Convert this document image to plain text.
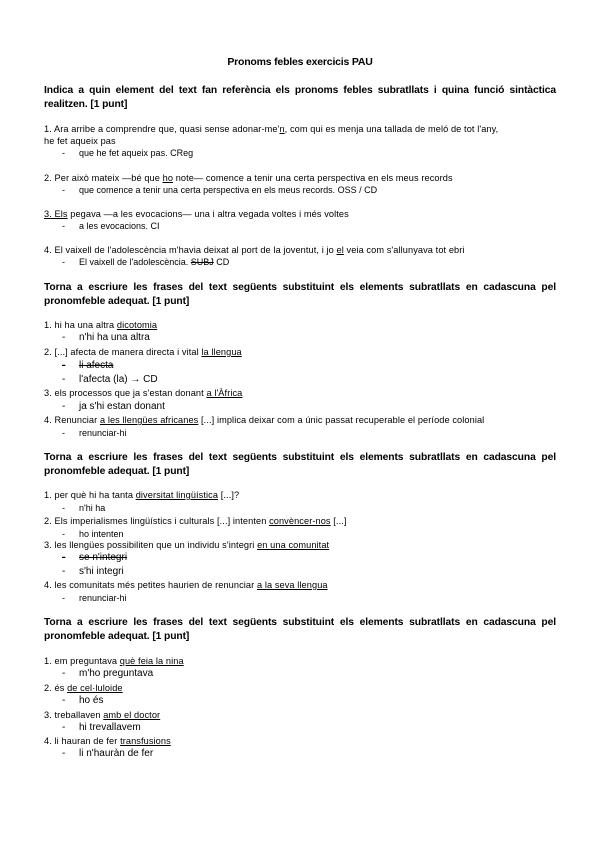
Pronoms febles exercicis PAU
Indica a quin element del text fan referència els pronoms febles subratllats i quina funció sintàctica realitzen. [1 punt]
1. Ara arribe a comprendre que, quasi sense adonar-me'n, com qui es menja una tallada de meló de tot l'any,
he fet aqueix pas
- que he fet aqueix pas. CReg
2. Per això mateix —bé que ho note— comence a tenir una certa perspectiva en els meus records
- que comence a tenir una certa perspectiva en els meus records. OSS / CD
3. Els pegava —a les evocacions— una i altra vegada voltes i més voltes
- a les evocacions. CI
4. El vaixell de l'adolescència m'havia deixat al port de la joventut, i jo el veia com s'allunyava tot ebri
- El vaixell de l'adolescència. SUBJ CD
Torna a escriure les frases del text següents substituint els elements subratllats en cadascuna pel pronomfeble adequat. [1 punt]
1. hi ha una altra dicotomia
- n'hi ha una altra
2. [...] afecta de manera directa i vital la llengua
- li afecta
- l'afecta (la) → CD
3. els processos que ja s'estan donant a l'Àfrica
- ja s'hi estan donant
4. Renunciar a les llengües africanes [...] implica deixar com a únic passat recuperable el període colonial
- renunciar-hi
Torna a escriure les frases del text següents substituint els elements subratllats en cadascuna pel pronomfeble adequat. [1 punt]
1. per què hi ha tanta diversitat lingüística [...]?
- n'hi ha
2. Els imperialismes lingüístics i culturals [...] intenten convèncer-nos [...]
- ho intenten
3. les llengües possibiliten que un individu s'integri en una comunitat
- se n'integri
- s'hi integri
4. les comunitats més petites haurien de renunciar a la seva llengua
- renunciar-hi
Torna a escriure les frases del text següents substituint els elements subratllats en cadascuna pel pronomfeble adequat. [1 punt]
1. em preguntava què feia la nina
- m'ho preguntava
2. és de cel·luloide
- ho és
3. treballaven amb el doctor
- hi trevallavem
4. li hauran de fer transfusions
- li n'hauràn de fer
